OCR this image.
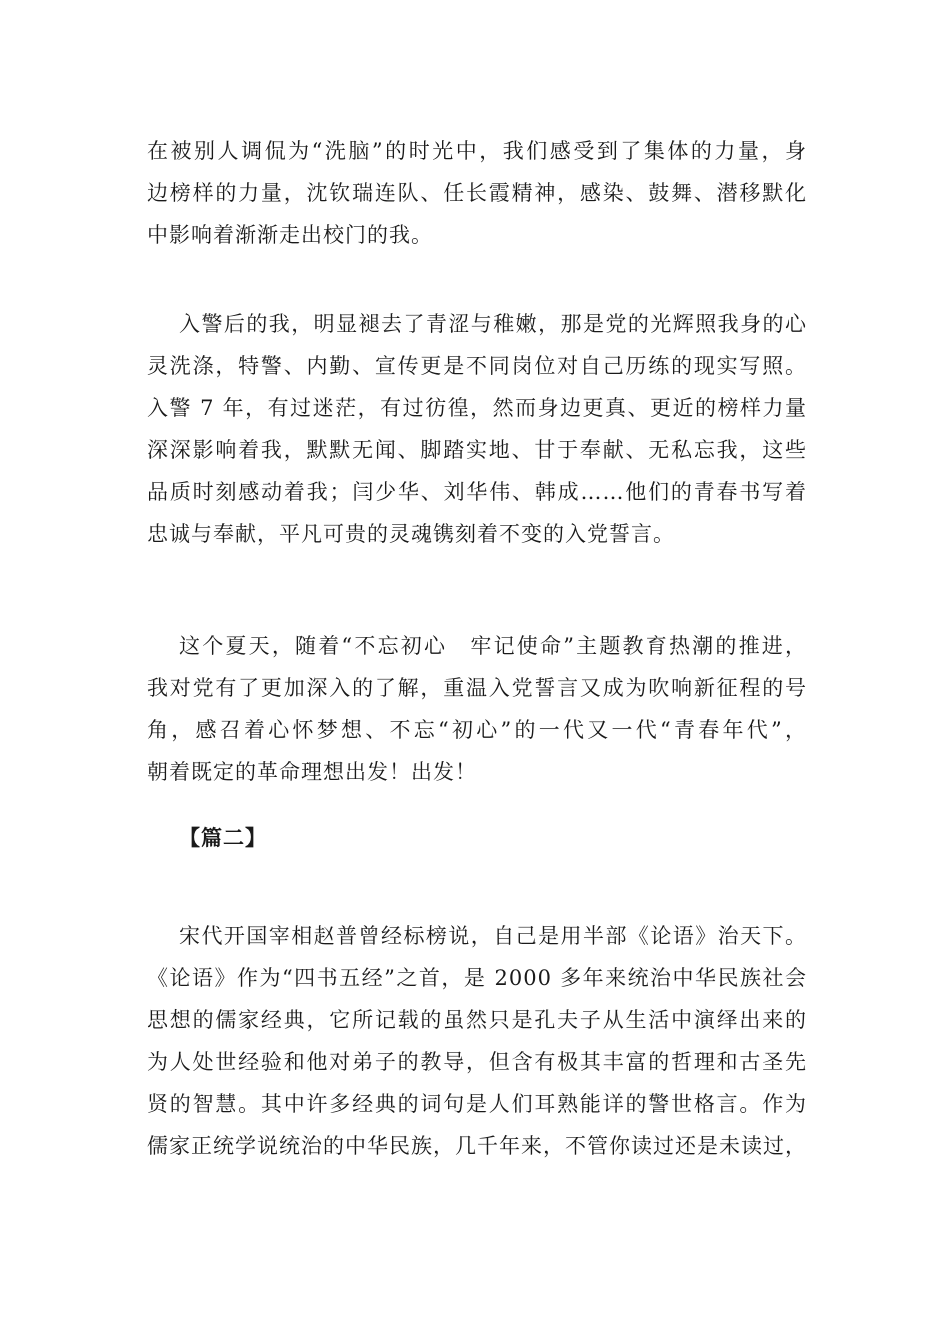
在被别人调侃为“洗脑”的时光中，我们感受到了集体的力量，身
边榜样的力量，沈钦瑞连队、任长霞精神，感染、鼓舞、潜移默化
中影响着渐渐走出校门的我。
入警后的我，明显褪去了青涩与稚嫩，那是党的光辉照我身的心
灵洗涤，特警、内勤、宣传更是不同岗位对自己历练的现实写照。
入警 7 年，有过迷茫，有过彷徨，然而身边更真、更近的榜样力量
深深影响着我，默默无闻、脚踏实地、甘于奉献、无私忘我，这些
品质时刻感动着我；闫少华、刘华伟、韩成……他们的青春书写着
忠诚与奉献，平凡可贵的灵魂镌刻着不变的入党誓言。
这个夏天，随着“不忘初心　牢记使命”主题教育热潮的推进，
我对党有了更加深入的了解，重温入党誓言又成为吹响新征程的号
角，感召着心怀梦想、不忘“初心”的一代又一代“青春年代”，
朝着既定的革命理想出发！出发！
【篇二】
宋代开国宰相赵普曾经标榜说，自己是用半部《论语》治天下。
《论语》作为“四书五经”之首，是 2000 多年来统治中华民族社会
思想的儒家经典，它所记载的虽然只是孔夫子从生活中演绎出来的
为人处世经验和他对弟子的教导，但含有极其丰富的哲理和古圣先
贤的智慧。其中许多经典的词句是人们耳熟能详的警世格言。作为
儒家正统学说统治的中华民族，几千年来，不管你读过还是未读过，
